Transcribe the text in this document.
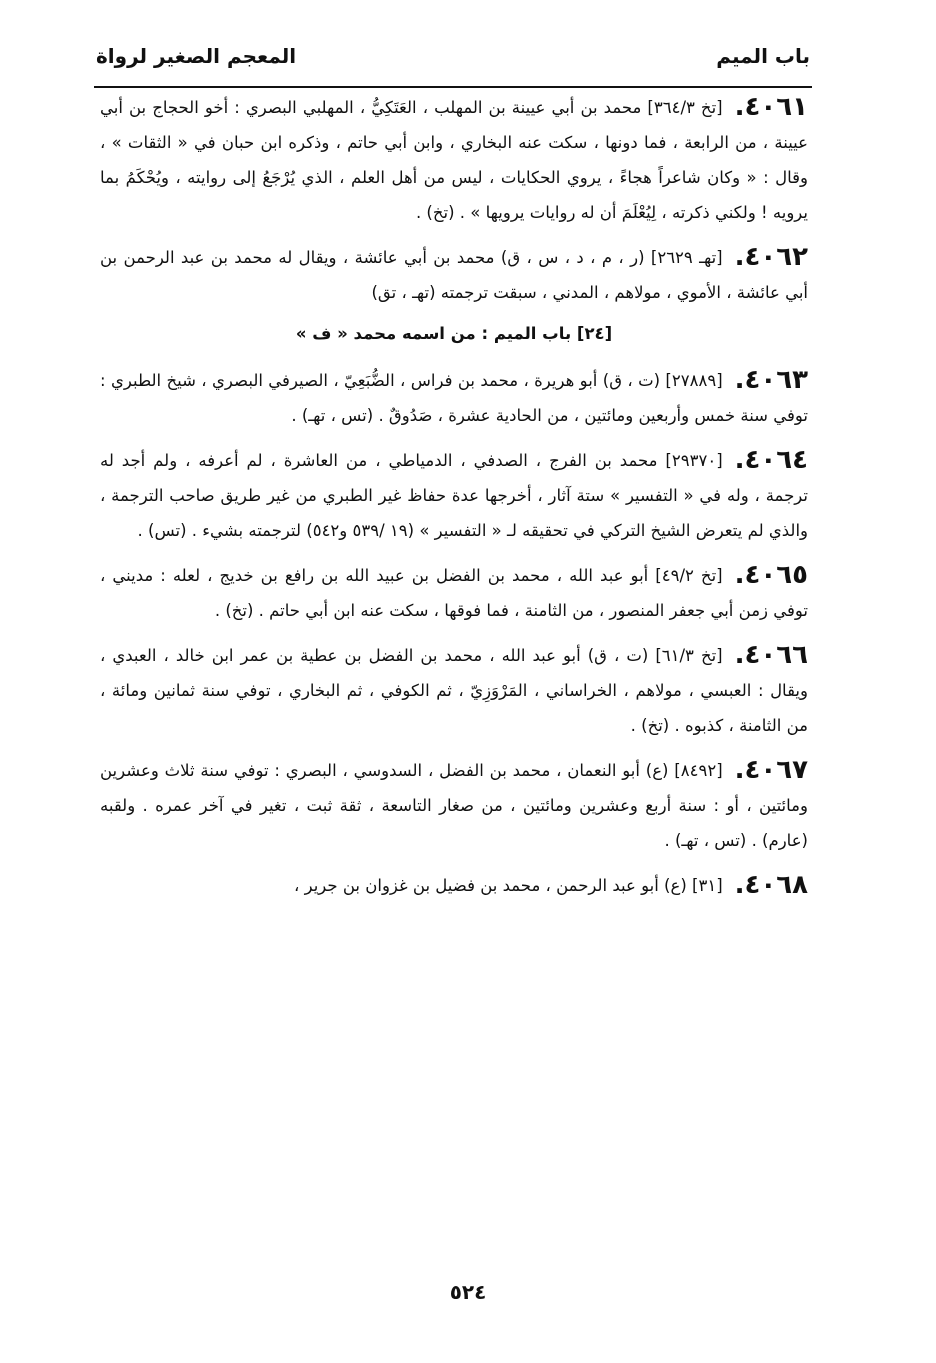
باب الميم
المعجم الصغير لرواة

٤٠٦١.[تخ ٣٦٤/٣] محمد بن أبي عيينة بن المهلب ، العَتَكِيُّ ، المهلبي البصري : أخو الحجاج بن أبي عيينة ، من الرابعة ، فما دونها ، سكت عنه البخاري ، وابن أبي حاتم ، وذكره ابن حبان في « الثقات » ، وقال : « وكان شاعراً هجاءً ، يروي الحكايات ، ليس من أهل العلم ، الذي يُرْجَعُ إلى روايته ، ويُحْكَمُ بما يرويه ! ولكني ذكرته ، لِيُعْلَمَ أن له روايات يرويها » . (تخ) .

٤٠٦٢.[تهـ ٢٦٢٩] (ر ، م ، د ، س ، ق) محمد بن أبي عائشة ، ويقال له محمد بن عبد الرحمن بن أبي عائشة ، الأموي ، مولاهم ، المدني ، سبقت ترجمته (تهـ ، تق)

[٢٤] باب الميم : من اسمه محمد « ف »

٤٠٦٣.[٢٧٨٨٩] (ت ، ق) أبو هريرة ، محمد بن فراس ، الضُّبَعِيّ ، الصيرفي البصري ، شيخ الطبري : توفي سنة خمس وأربعين ومائتين ، من الحادية عشرة ، صَدُوقٌ . (تس ، تهـ) .

٤٠٦٤.[٢٩٣٧٠] محمد بن الفرج ، الصدفي ، الدمياطي ، من العاشرة ، لم أعرفه ، ولم أجد له ترجمة ، وله في « التفسير » ستة آثار ، أخرجها عدة حفاظ غير الطبري من غير طريق صاحب الترجمة ، والذي لم يتعرض الشيخ التركي في تحقيقه لـ « التفسير » (١٩ /٥٣٩ و٥٤٢) لترجمته بشيء . (تس) .

٤٠٦٥.[تخ ٤٩/٢] أبو عبد الله ، محمد بن الفضل بن عبيد الله بن رافع بن خديج ، لعله : مديني ، توفي زمن أبي جعفر المنصور ، من الثامنة ، فما فوقها ، سكت عنه ابن أبي حاتم . (تخ) .

٤٠٦٦.[تخ ٦١/٣] (ت ، ق) أبو عبد الله ، محمد بن الفضل بن عطية بن عمر ابن خالد ، العبدي ، ويقال : العبسي ، مولاهم ، الخراساني ، المَرْوَزِيّ ، ثم الكوفي ، ثم البخاري ، توفي سنة ثمانين ومائة ، من الثامنة ، كذبوه . (تخ) .

٤٠٦٧.[٨٤٩٢] (ع) أبو النعمان ، محمد بن الفضل ، السدوسي ، البصري : توفي سنة ثلاث وعشرين ومائتين ، أو : سنة أربع وعشرين ومائتين ، من صغار التاسعة ، ثقة ثبت ، تغير في آخر عمره . ولقبه (عارم) . (تس ، تهـ) .

٤٠٦٨.[٣١] (ع) أبو عبد الرحمن ، محمد بن فضيل بن غزوان بن جرير ،

٥٢٤
